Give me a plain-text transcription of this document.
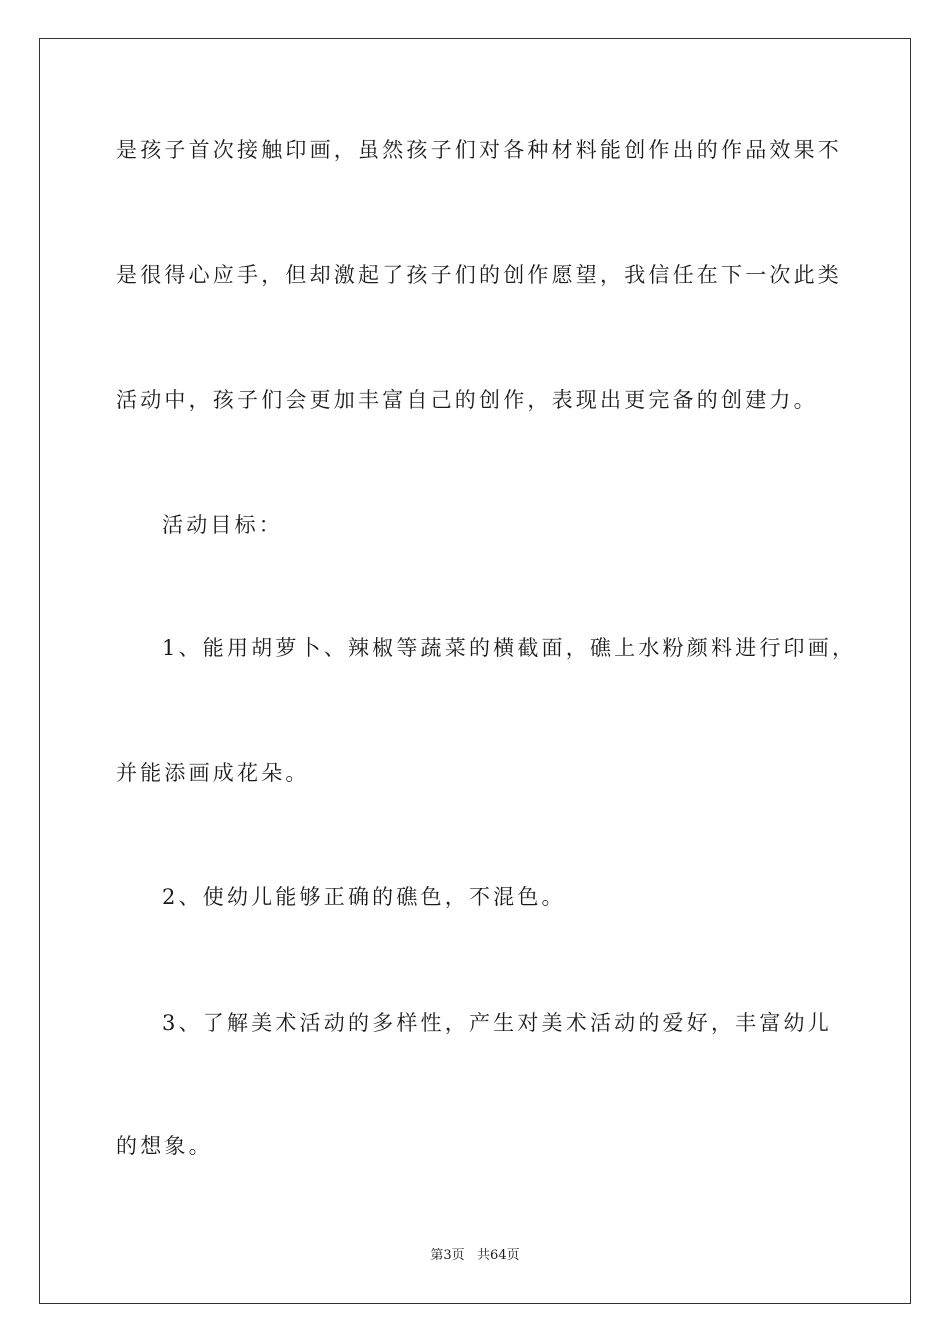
是孩子首次接触印画，虽然孩子们对各种材料能创作出的作品效果不
是很得心应手，但却激起了孩子们的创作愿望，我信任在下一次此类
活动中，孩子们会更加丰富自己的创作，表现出更完备的创建力。
活动目标：
1、能用胡萝卜、辣椒等蔬菜的横截面，礁上水粉颜料进行印画，
并能添画成花朵。
2、使幼儿能够正确的礁色，不混色。
3、了解美术活动的多样性，产生对美术活动的爱好，丰富幼儿
的想象。
第3页   共64页
